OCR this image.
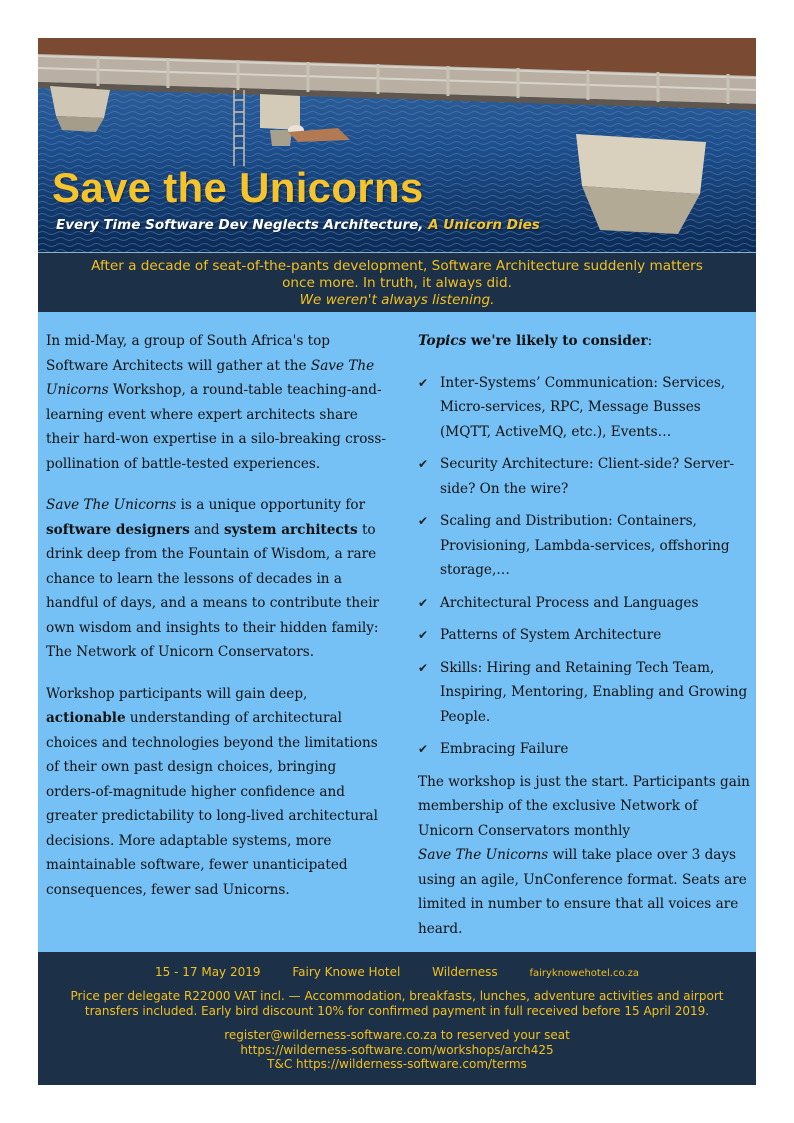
Save the Unicorns
Every Time Software Dev Neglects Architecture, A Unicorn Dies
After a decade of seat-of-the-pants development, Software Architecture suddenly matters
once more. In truth, it always did.
We weren't always listening.

In mid-May, a group of South Africa's top Software Architects will gather at the Save The Unicorns Workshop, a round-table teaching-and-learning event where expert architects share their hard-won expertise in a silo-breaking cross-pollination of battle-tested experiences.

Save The Unicorns is a unique opportunity for software designers and system architects to drink deep from the Fountain of Wisdom, a rare chance to learn the lessons of decades in a handful of days, and a means to contribute their own wisdom and insights to their hidden family: The Network of Unicorn Conservators.

Workshop participants will gain deep, actionable understanding of architectural choices and technologies beyond the limitations of their own past design choices, bringing orders-of-magnitude higher confidence and greater predictability to long-lived architectural decisions. More adaptable systems, more maintainable software, fewer unanticipated consequences, fewer sad Unicorns.

Topics we're likely to consider:

✔ Inter-Systems’ Communication: Services, Micro-services, RPC, Message Busses (MQTT, ActiveMQ, etc.), Events…
✔ Security Architecture: Client-side? Server-side? On the wire?
✔ Scaling and Distribution: Containers, Provisioning, Lambda-services, offshoring storage,…
✔ Architectural Process and Languages
✔ Patterns of System Architecture
✔ Skills: Hiring and Retaining Tech Team, Inspiring, Mentoring, Enabling and Growing People.
✔ Embracing Failure

The workshop is just the start. Participants gain membership of the exclusive Network of Unicorn Conservators monthly
Save The Unicorns will take place over 3 days using an agile, UnConference format. Seats are limited in number to ensure that all voices are heard.

15 - 17 May 2019	Fairy Knowe Hotel	Wilderness	fairyknowehotel.co.za
Price per delegate R22000 VAT incl. — Accommodation, breakfasts, lunches, adventure activities and airport transfers included. Early bird discount 10% for confirmed payment in full received before 15 April 2019.
register@wilderness-software.co.za to reserved your seat
https://wilderness-software.com/workshops/arch425
T&C https://wilderness-software.com/terms
